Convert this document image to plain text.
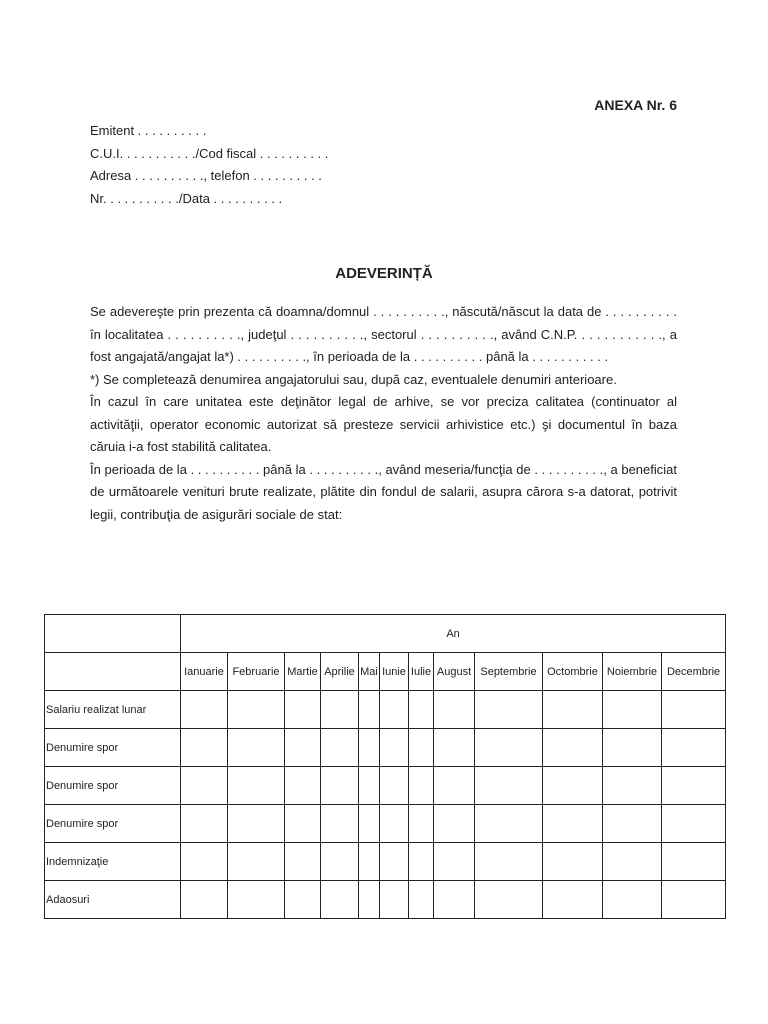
ANEXA Nr. 6
Emitent . . . . . . . . . .
C.U.I. . . . . . . . . . ./Cod fiscal . . . . . . . . . .
Adresa . . . . . . . . . ., telefon . . . . . . . . . .
Nr. . . . . . . . . . ./Data . . . . . . . . . .
ADEVERINȚĂ

Se adevereşte prin prezenta că doamna/domnul . . . . . . . . . ., născută/născut la data de . . . . . . . . . . în localitatea . . . . . . . . . ., judeţul . . . . . . . . . ., sectorul . . . . . . . . . ., având C.N.P. . . . . . . . . . . ., a fost angajată/angajat la*) . . . . . . . . . ., în perioada de la . . . . . . . . . . până la . . . . . . . . . . .

*) Se completează denumirea angajatorului sau, după caz, eventualele denumiri anterioare.

În cazul în care unitatea este deţinător legal de arhive, se vor preciza calitatea (continuator al activităţii, operator economic autorizat să presteze servicii arhivistice etc.) şi documentul în baza căruia i-a fost stabilită calitatea.

În perioada de la . . . . . . . . . . până la . . . . . . . . . ., având meseria/funcţia de . . . . . . . . . ., a beneficiat de următoarele venituri brute realizate, plătite din fondul de salarii, asupra cărora s-a datorat, potrivit legii, contribuţia de asigurări sociale de stat:

	An											
	Ianuarie	Februarie	Martie	Aprilie	Mai	Iunie	Iulie	August	Septembrie	Octombrie	Noiembrie	Decembrie
Salariu realizat lunar												
Denumire spor												
Denumire spor												
Denumire spor												
Indemnizaţie												
Adaosuri												
